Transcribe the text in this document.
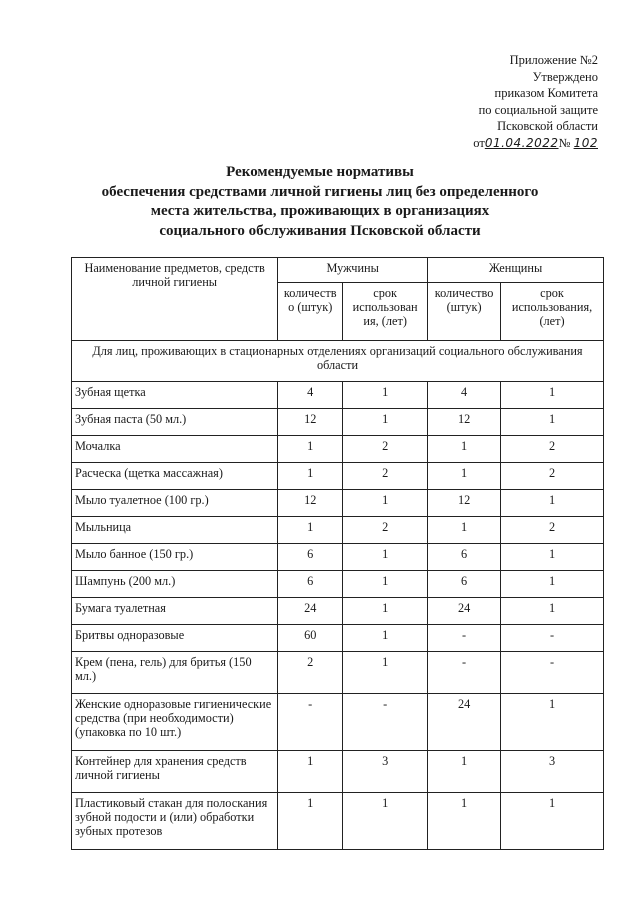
Приложение №2
Утверждено
приказом Комитета
по социальной защите
Псковской области
от01.04.2022№ 102
Рекомендуемые нормативы
обеспечения средствами личной гигиены лиц без определенного
места жительства, проживающих в организациях
социального обслуживания Псковской области
Наименование предметов, средств личной гигиены	Мужчины		Женщины	
	количеств о (штук)	срок использован ия, (лет)	количество (штук)	срок использования, (лет)
Для лиц, проживающих в стационарных отделениях организаций социального обслуживания области				
Зубная щетка	4	1	4	1
Зубная паста (50 мл.)	12	1	12	1
Мочалка	1	2	1	2
Расческа (щетка массажная)	1	2	1	2
Мыло туалетное (100 гр.)	12	1	12	1
Мыльница	1	2	1	2
Мыло банное (150 гр.)	6	1	6	1
Шампунь (200 мл.)	6	1	6	1
Бумага туалетная	24	1	24	1
Бритвы одноразовые	60	1	-	-
Крем (пена, гель) для бритья (150 мл.)	2	1	-	-
Женские одноразовые гигиенические средства (при необходимости) (упаковка по 10 шт.)	-	-	24	1
Контейнер для хранения средств личной гигиены	1	3	1	3
Пластиковый стакан для полоскания зубной подости и (или) обработки зубных протезов	1	1	1	1
